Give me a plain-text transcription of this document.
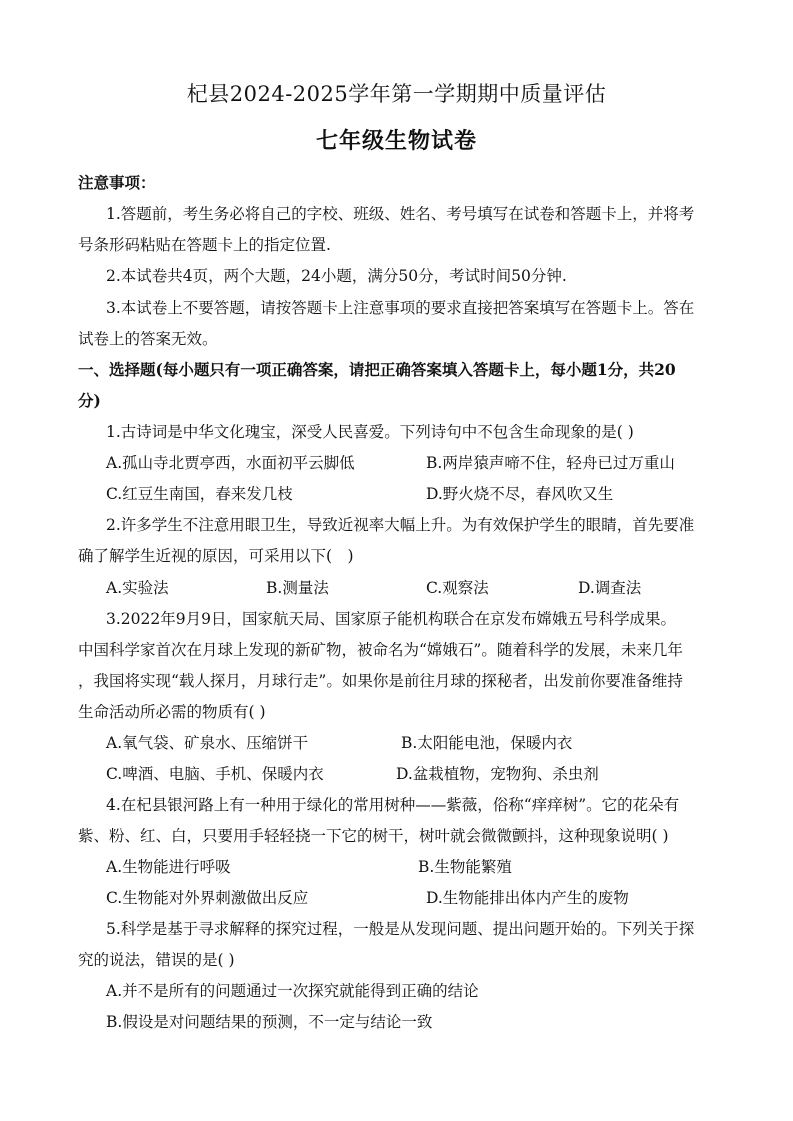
杞县2024-2025学年第一学期期中质量评估
七年级生物试卷
注意事项：
1.答题前，考生务必将自己的字校、班级、姓名、考号填写在试卷和答题卡上，并将考
号条形码粘贴在答题卡上的指定位置.
2.本试卷共4页，两个大题，24小题，满分50分，考试时间50分钟.
3.本试卷上不要答题，请按答题卡上注意事项的要求直接把答案填写在答题卡上。答在
试卷上的答案无效。
一、选择题(每小题只有一项正确答案，请把正确答案填入答题卡上，每小题1分，共20
分)
1.古诗词是中华文化瑰宝，深受人民喜爱。下列诗句中不包含生命现象的是( )
A.孤山寺北贾亭西，水面初平云脚低	B.两岸猿声啼不住，轻舟已过万重山
C.红豆生南国，春来发几枝	D.野火烧不尽，春风吹又生
2.许多学生不注意用眼卫生，导致近视率大幅上升。为有效保护学生的眼睛，首先要准
确了解学生近视的原因，可采用以下(　)
A.实验法	B.测量法	C.观察法	D.调查法
3.2022年9月9日，国家航天局、国家原子能机构联合在京发布嫦娥五号科学成果。
中国科学家首次在月球上发现的新矿物，被命名为“嫦娥石”。随着科学的发展，未来几年
，我国将实现“载人探月，月球行走”。如果你是前往月球的探秘者，出发前你要准备维持
生命活动所必需的物质有( )
A.氧气袋、矿泉水、压缩饼干	B.太阳能电池，保暖内衣
C.啤酒、电脑、手机、保暖内衣	D.盆栽植物，宠物狗、杀虫剂
4.在杞县银河路上有一种用于绿化的常用树种——紫薇，俗称“痒痒树”。它的花朵有
紫、粉、红、白，只要用手轻轻挠一下它的树干，树叶就会微微颤抖，这种现象说明( )
A.生物能进行呼吸	B.生物能繁殖
C.生物能对外界刺激做出反应	D.生物能排出体内产生的废物
5.科学是基于寻求解释的探究过程，一般是从发现问题、提出问题开始的。下列关于探
究的说法，错误的是( )
A.并不是所有的问题通过一次探究就能得到正确的结论
B.假设是对问题结果的预测，不一定与结论一致
